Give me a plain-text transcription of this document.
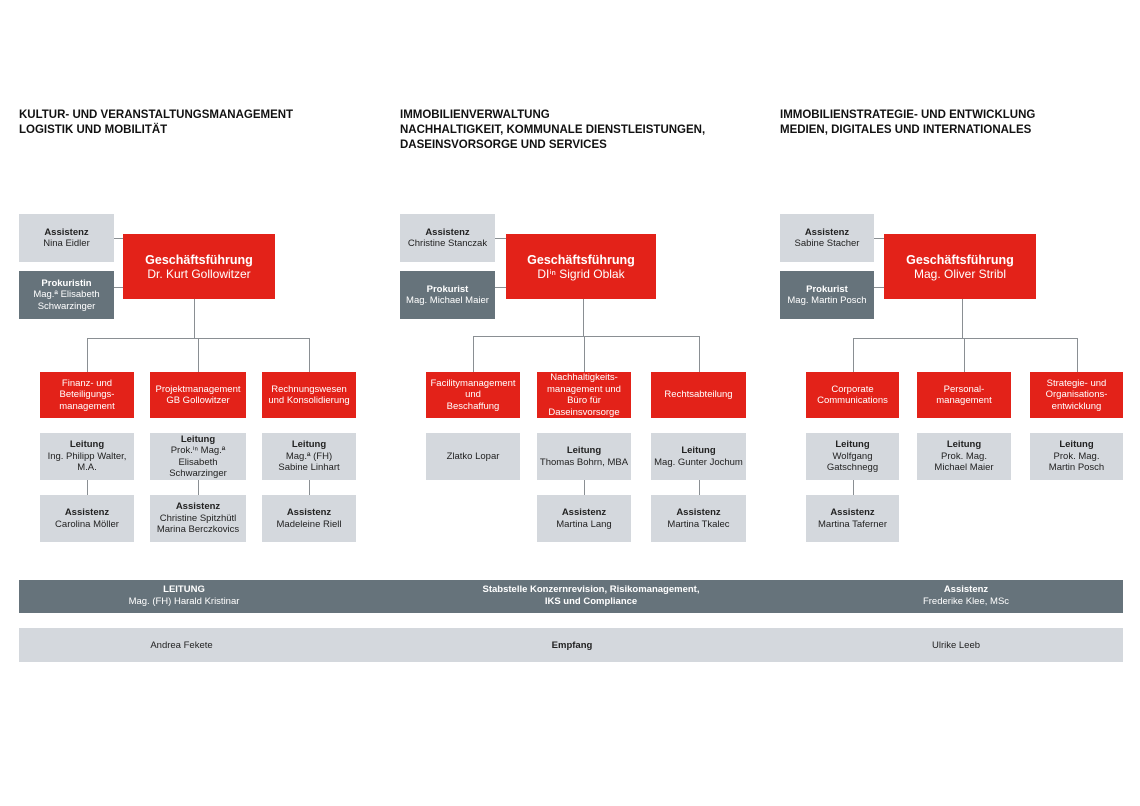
KULTUR- UND VERANSTALTUNGSMANAGEMENT
LOGISTIK UND MOBILITÄT
Assistenz
Nina Eidler
Prokuristin
Mag.ª Elisabeth
Schwarzinger
Geschäftsführung
Dr. Kurt Gollowitzer
Finanz- und
Beteiligungs-
management
Leitung
Ing. Philipp Walter,
M.A.
Assistenz
Carolina Möller
Projektmanagement
GB Gollowitzer
Leitung
Prok.ⁱⁿ Mag.ª
Elisabeth
Schwarzinger
Assistenz
Christine Spitzhütl
Marina Berczkovics
Rechnungswesen
und Konsolidierung
Leitung
Mag.ª (FH)
Sabine Linhart
Assistenz
Madeleine Riell
IMMOBILIENVERWALTUNG
NACHHALTIGKEIT, KOMMUNALE DIENSTLEISTUNGEN,
DASEINSVORSORGE UND SERVICES
Assistenz
Christine Stanczak
Prokurist
Mag. Michael Maier
Geschäftsführung
DIⁱⁿ Sigrid Oblak
Facilitymanagement
und
Beschaffung
Zlatko Lopar
Nachhaltigkeits-
management und
Büro für
Daseinsvorsorge
Leitung
Thomas Bohrn, MBA
Assistenz
Martina Lang
Rechtsabteilung
Leitung
Mag. Gunter Jochum
Assistenz
Martina Tkalec
IMMOBILIENSTRATEGIE- UND ENTWICKLUNG
MEDIEN, DIGITALES UND INTERNATIONALES
Assistenz
Sabine Stacher
Prokurist
Mag. Martin Posch
Geschäftsführung
Mag. Oliver Stribl
Corporate
Communications
Leitung
Wolfgang
Gatschnegg
Assistenz
Martina Taferner
Personal-
management
Leitung
Prok. Mag.
Michael Maier
Strategie- und
Organisations-
entwicklung
Leitung
Prok. Mag.
Martin Posch
LEITUNG
Mag. (FH) Harald Kristinar
Stabstelle Konzernrevision, Risikomanagement,
IKS und Compliance
Assistenz
Frederike Klee, MSc
Andrea Fekete	Empfang	Ulrike Leeb
